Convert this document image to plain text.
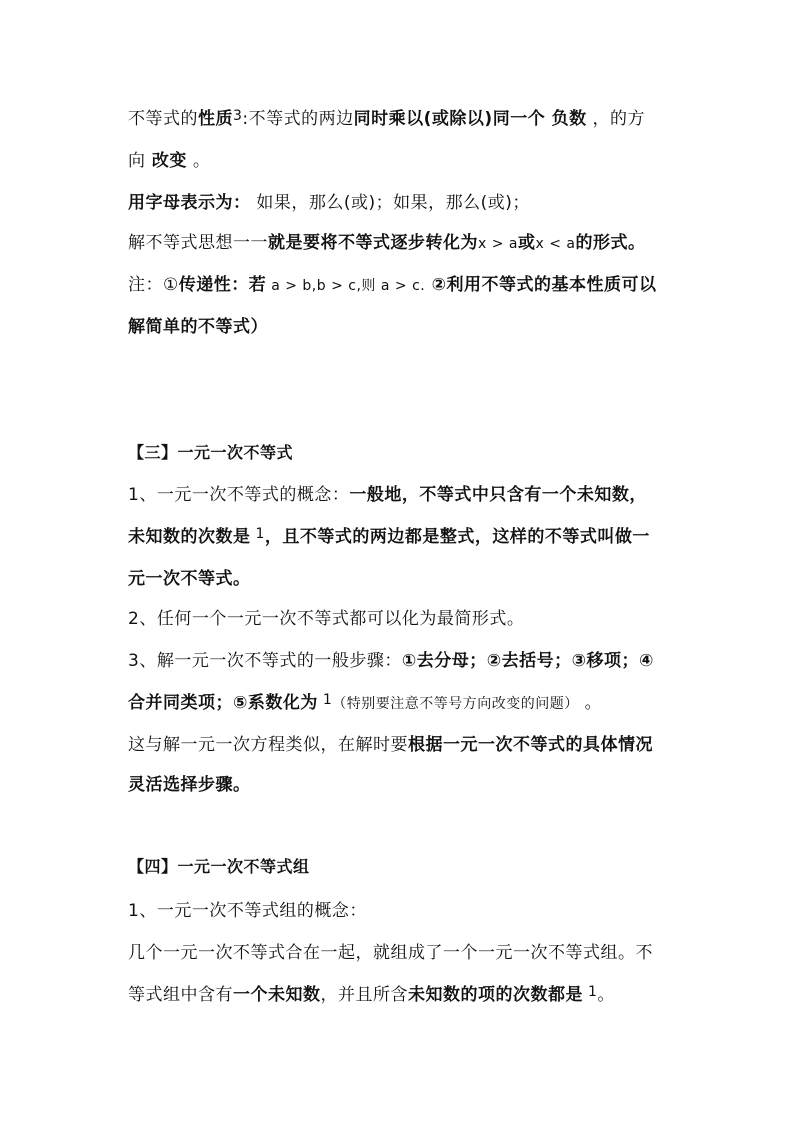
不等式的性质$^3$:不等式的两边同时乘以(或除以)同一个 负数 ，的方
向 改变 。
用字母表示为： 如果，那么(或)；如果，那么(或)；
解不等式思想一一就是要将不等式逐步转化为x > a或x < a的形式。
注：①传递性：若 a > b,b > c,则 a > c. ②利用不等式的基本性质可以
解简单的不等式）
【三】一元一次不等式
1、一元一次不等式的概念：一般地，不等式中只含有一个未知数，
未知数的次数是 $^1$，且不等式的两边都是整式，这样的不等式叫做一
元一次不等式。
2、任何一个一元一次不等式都可以化为最简形式。
3、解一元一次不等式的一般步骤：①去分母；②去括号；③移项；④
合并同类项；⑤系数化为 $^1$（特别要注意不等号方向改变的问题） 。
这与解一元一次方程类似，在解时要根据一元一次不等式的具体情况
灵活选择步骤。
【四】一元一次不等式组
1、一元一次不等式组的概念：
几个一元一次不等式合在一起，就组成了一个一元一次不等式组。不
等式组中含有一个未知数，并且所含未知数的项的次数都是 $^1$。
